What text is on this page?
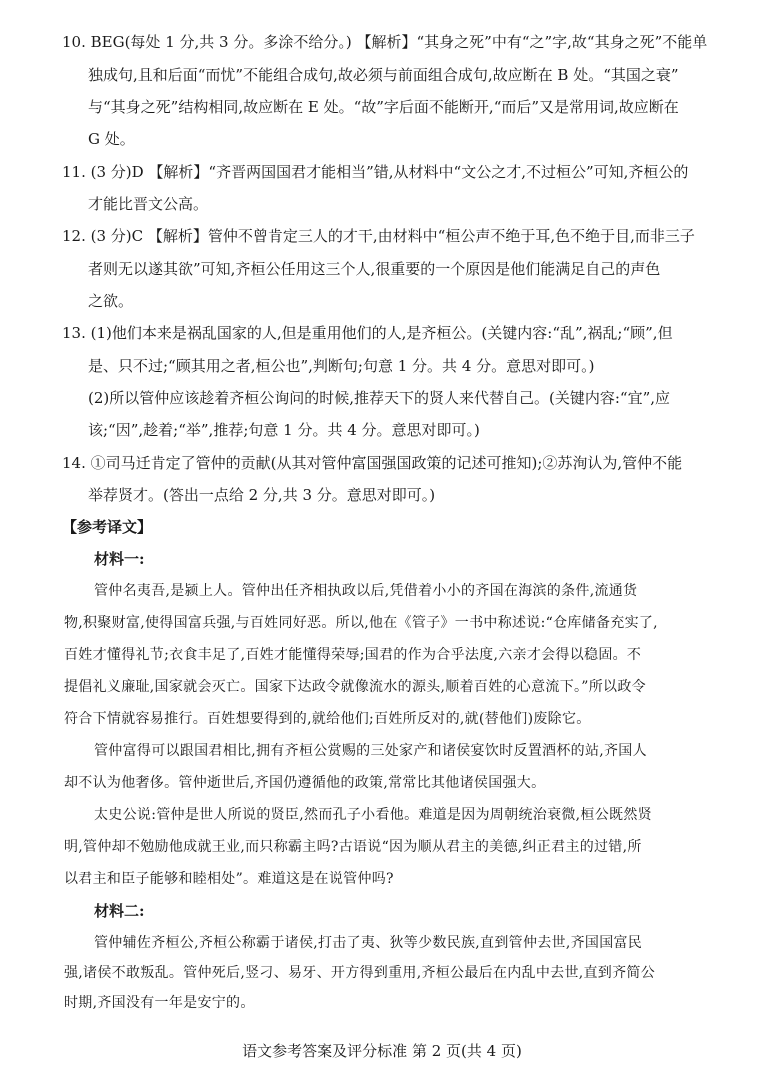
10. BEG(每处 1 分,共 3 分。多涂不给分。) 【解析】“其身之死”中有“之”字,故“其身之死”不能单
独成句,且和后面“而忧”不能组合成句,故必须与前面组合成句,故应断在 B 处。“其国之衰”
与“其身之死”结构相同,故应断在 E 处。“故”字后面不能断开,“而后”又是常用词,故应断在
G 处。
11. (3 分)D 【解析】“齐晋两国国君才能相当”错,从材料中“文公之才,不过桓公”可知,齐桓公的
才能比晋文公高。
12. (3 分)C 【解析】管仲不曾肯定三人的才干,由材料中“桓公声不绝于耳,色不绝于目,而非三子
者则无以遂其欲”可知,齐桓公任用这三个人,很重要的一个原因是他们能满足自己的声色
之欲。
13. (1)他们本来是祸乱国家的人,但是重用他们的人,是齐桓公。(关键内容:“乱”,祸乱;“顾”,但
是、只不过;“顾其用之者,桓公也”,判断句;句意 1 分。共 4 分。意思对即可。)
(2)所以管仲应该趁着齐桓公询问的时候,推荐天下的贤人来代替自己。(关键内容:“宜”,应
该;“因”,趁着;“举”,推荐;句意 1 分。共 4 分。意思对即可。)
14. ①司马迁肯定了管仲的贡献(从其对管仲富国强国政策的记述可推知);②苏洵认为,管仲不能
举荐贤才。(答出一点给 2 分,共 3 分。意思对即可。)
【参考译文】
材料一:
管仲名夷吾,是颍上人。管仲出任齐相执政以后,凭借着小小的齐国在海滨的条件,流通货
物,积聚财富,使得国富兵强,与百姓同好恶。所以,他在《管子》一书中称述说:“仓库储备充实了,
百姓才懂得礼节;衣食丰足了,百姓才能懂得荣辱;国君的作为合乎法度,六亲才会得以稳固。不
提倡礼义廉耻,国家就会灭亡。国家下达政令就像流水的源头,顺着百姓的心意流下。”所以政令
符合下情就容易推行。百姓想要得到的,就给他们;百姓所反对的,就(替他们)废除它。
管仲富得可以跟国君相比,拥有齐桓公赏赐的三处家产和诸侯宴饮时反置酒杯的站,齐国人
却不认为他奢侈。管仲逝世后,齐国仍遵循他的政策,常常比其他诸侯国强大。
太史公说:管仲是世人所说的贤臣,然而孔子小看他。难道是因为周朝统治衰微,桓公既然贤
明,管仲却不勉励他成就王业,而只称霸主吗?古语说“因为顺从君主的美德,纠正君主的过错,所
以君主和臣子能够和睦相处”。难道这是在说管仲吗?
材料二:
管仲辅佐齐桓公,齐桓公称霸于诸侯,打击了夷、狄等少数民族,直到管仲去世,齐国国富民
强,诸侯不敢叛乱。管仲死后,竖刁、易牙、开方得到重用,齐桓公最后在内乱中去世,直到齐简公
时期,齐国没有一年是安宁的。
语文参考答案及评分标准 第 2 页(共 4 页)
